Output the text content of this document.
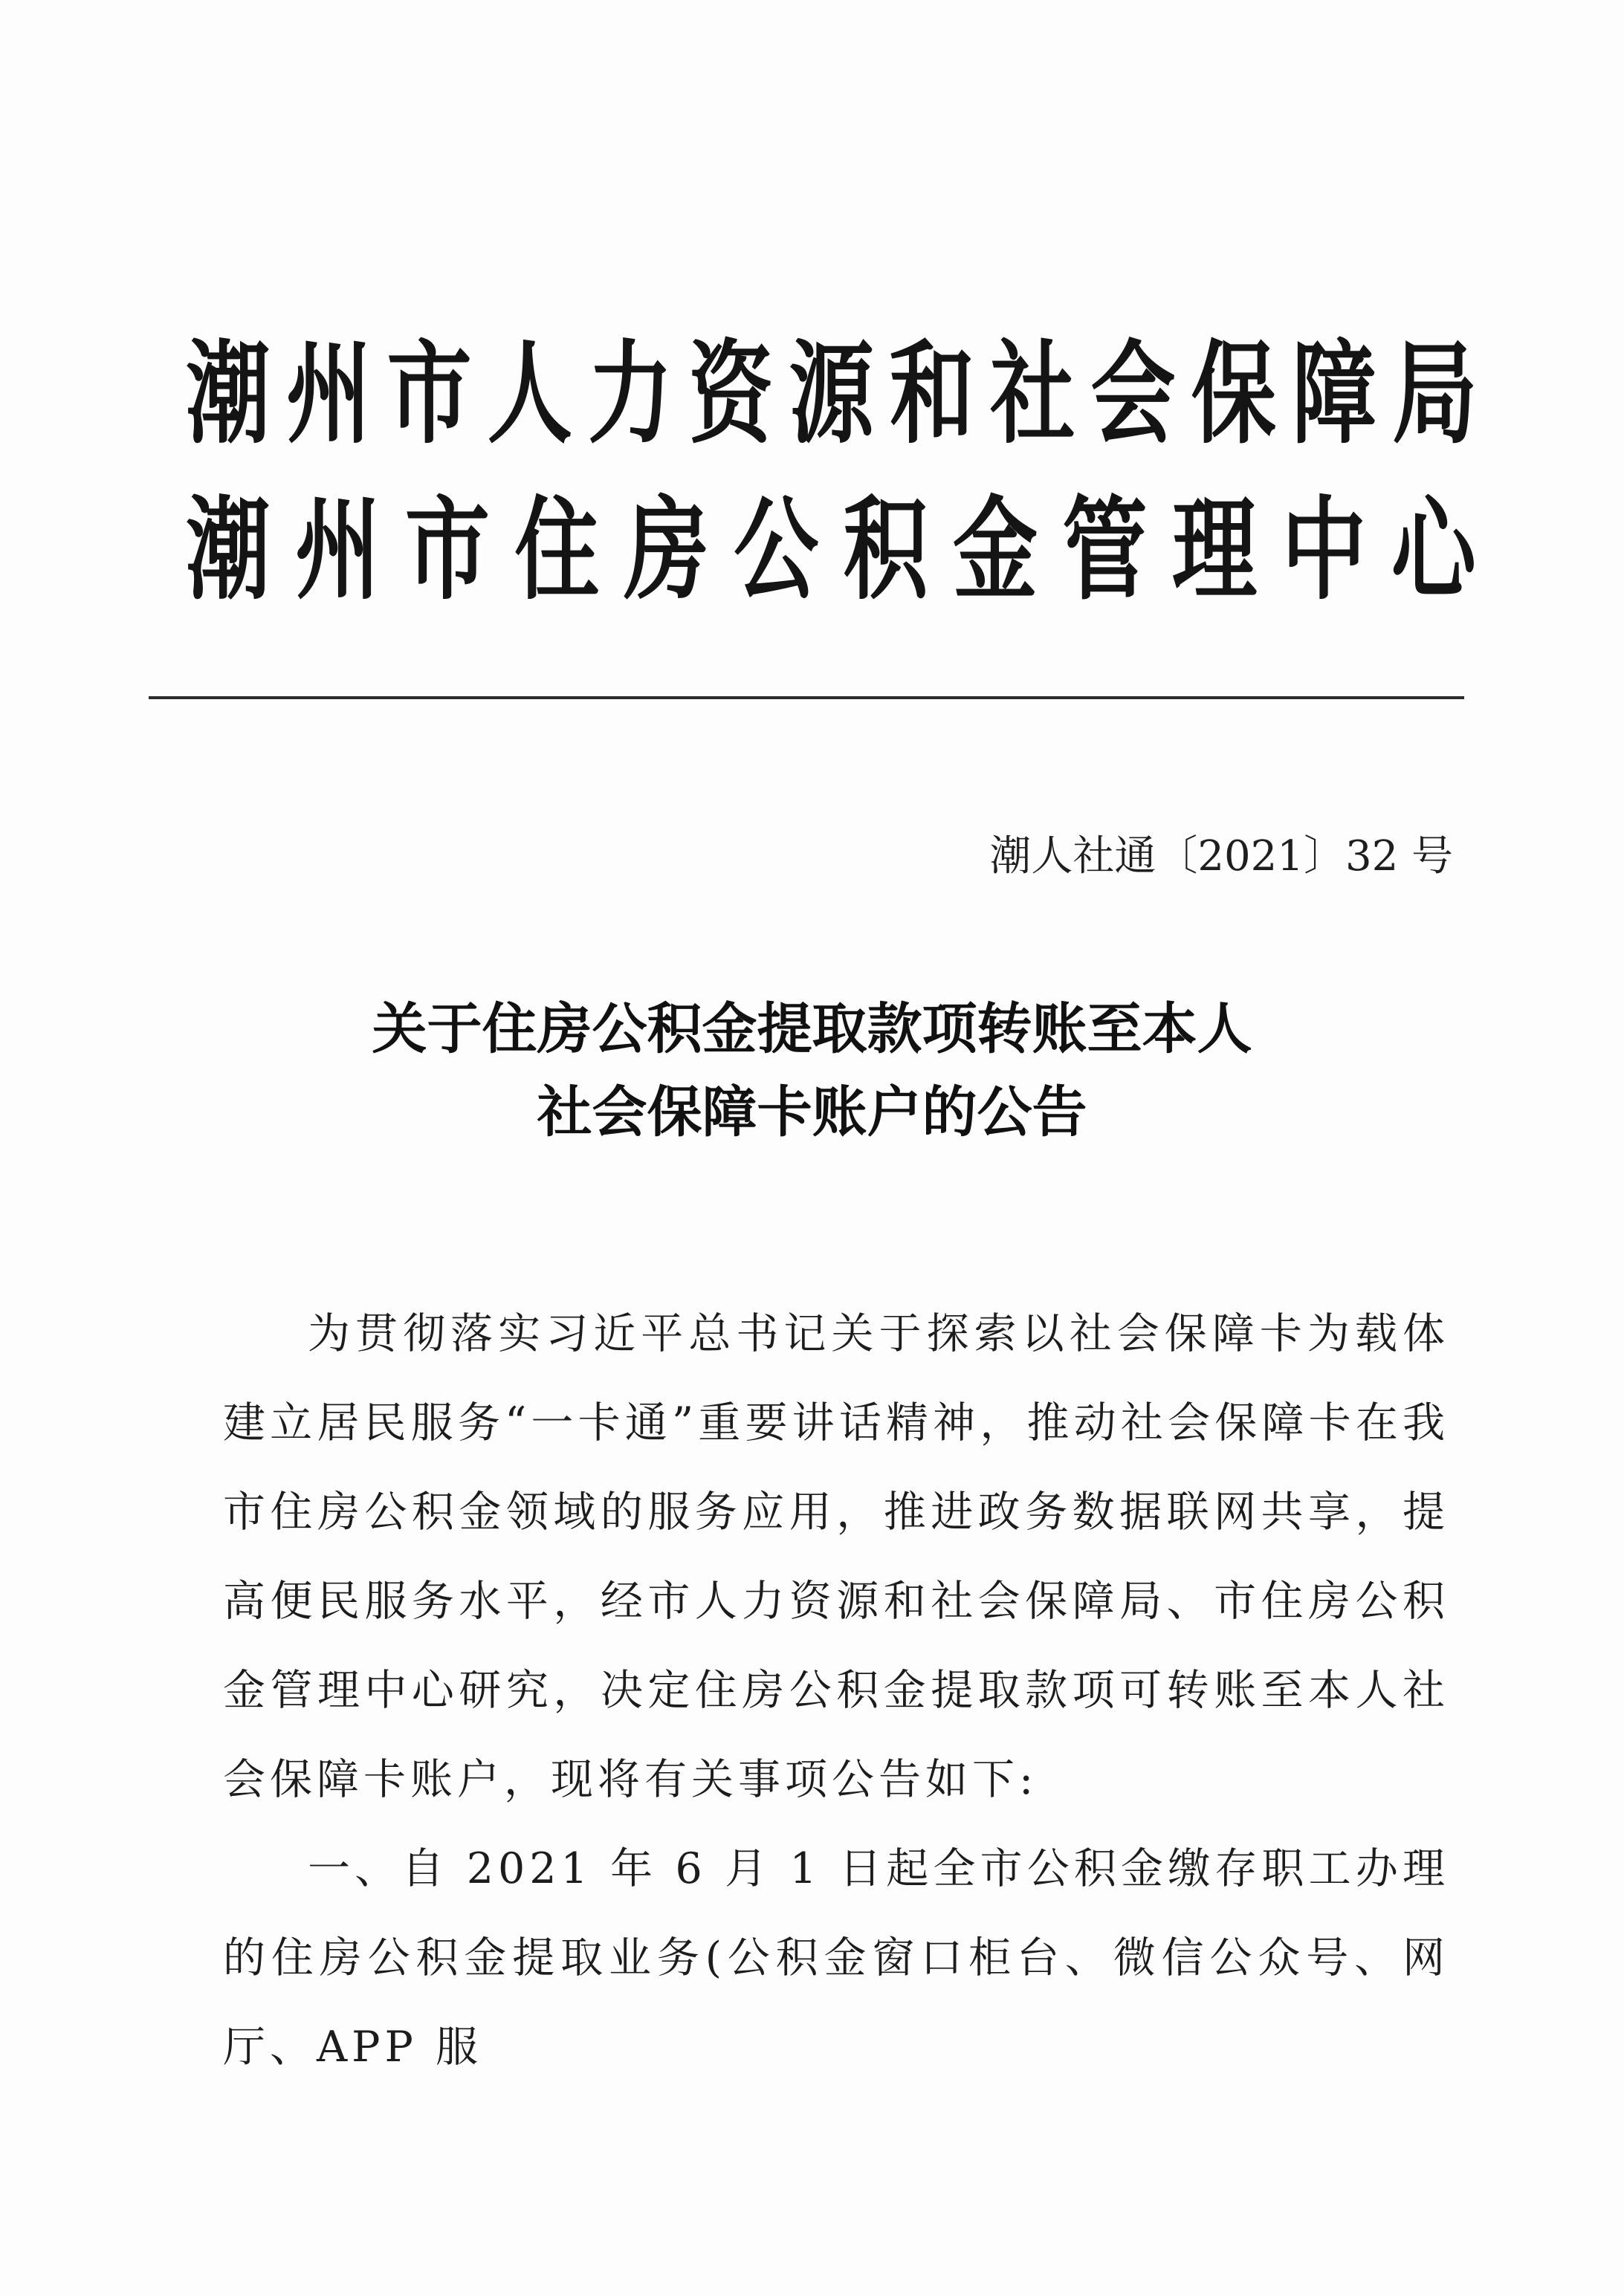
潮州市人力资源和社会保障局
潮州市住房公积金管理中心
潮人社通〔2021〕32 号
关于住房公积金提取款项转账至本人
社会保障卡账户的公告

为贯彻落实习近平总书记关于探索以社会保障卡为载体建立居民服务“一卡通”重要讲话精神，推动社会保障卡在我市住房公积金领域的服务应用，推进政务数据联网共享，提高便民服务水平，经市人力资源和社会保障局、市住房公积金管理中心研究，决定住房公积金提取款项可转账至本人社会保障卡账户，现将有关事项公告如下:

一、自 2021 年 6 月 1 日起全市公积金缴存职工办理的住房公积金提取业务(公积金窗口柜台、微信公众号、网厅、APP 服
